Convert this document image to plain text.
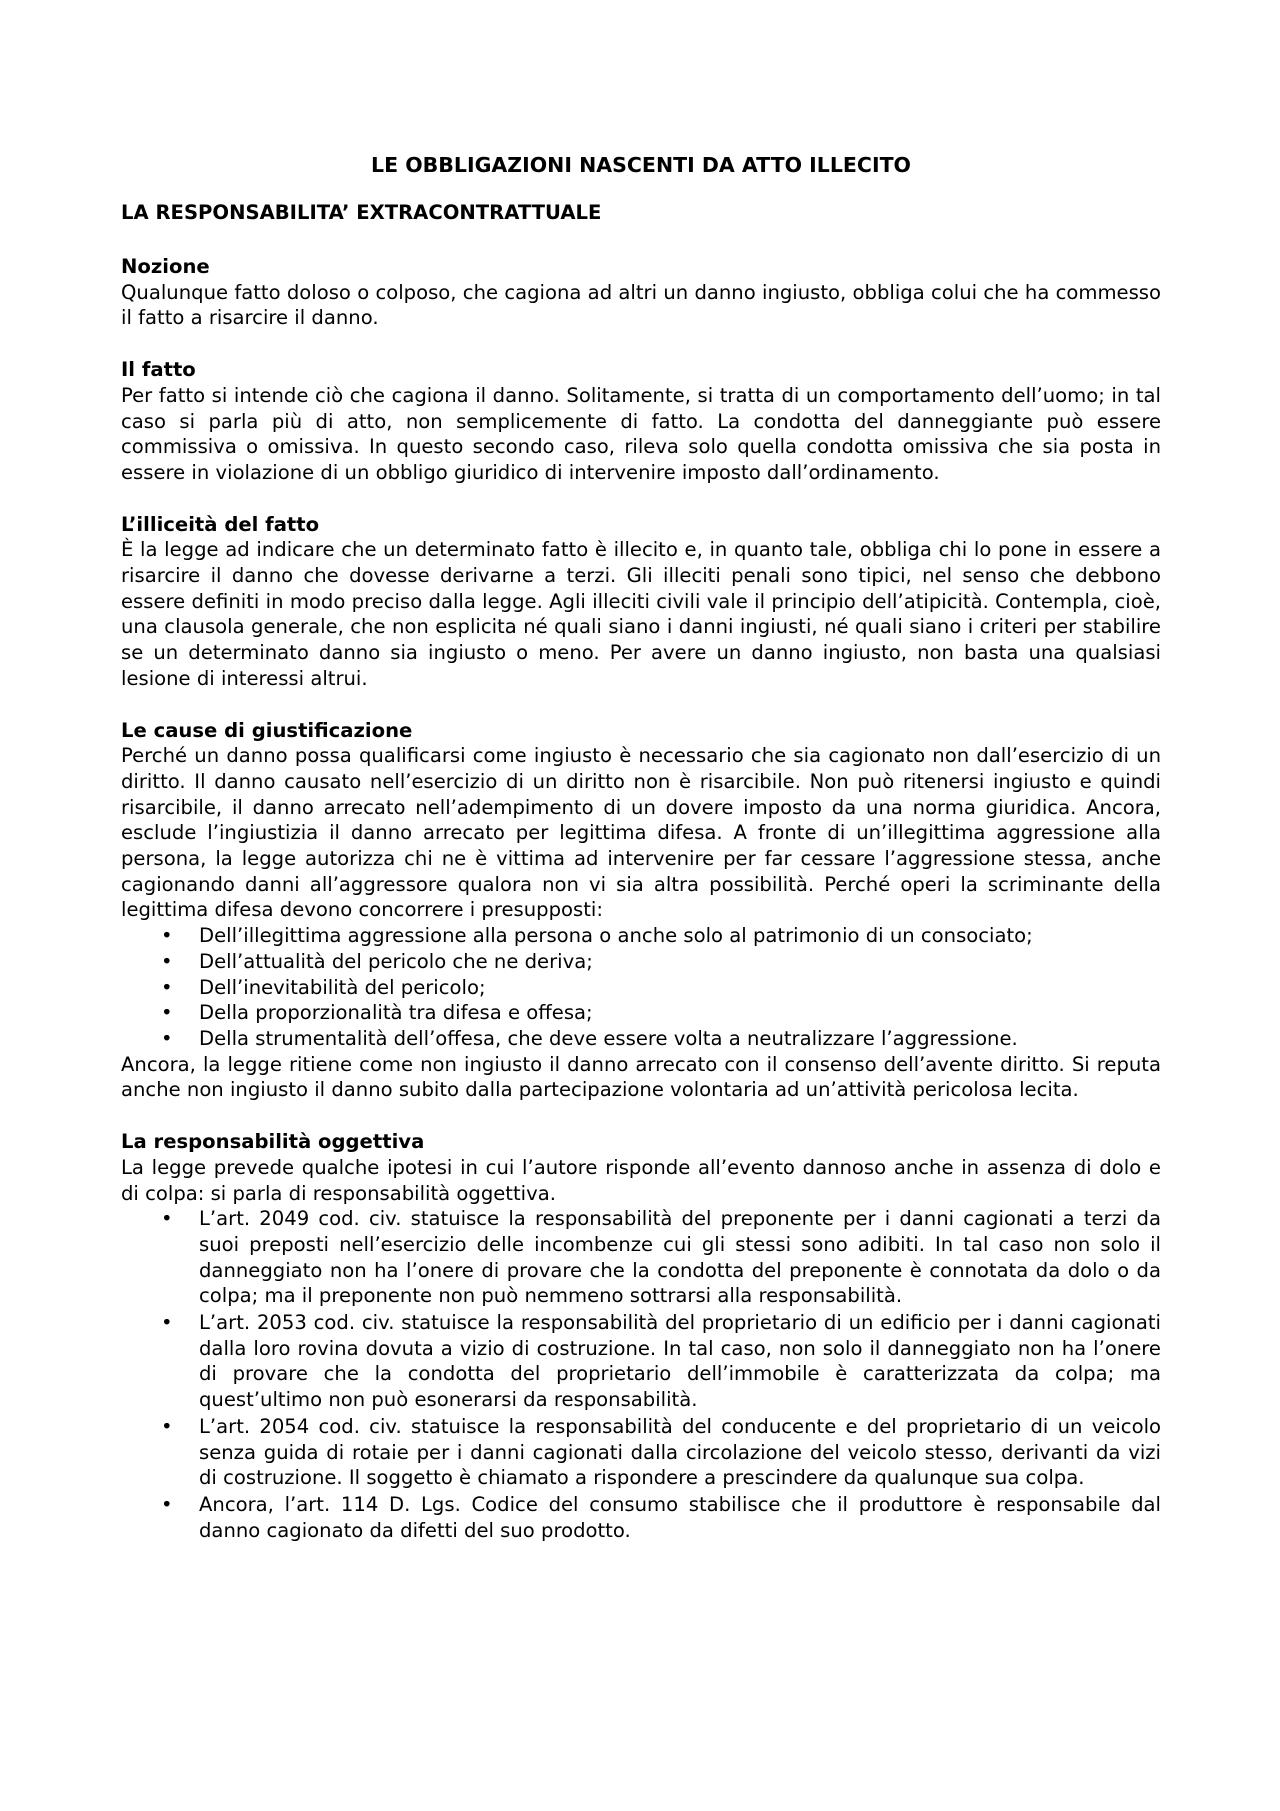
LE OBBLIGAZIONI NASCENTI DA ATTO ILLECITO
LA RESPONSABILITA’ EXTRACONTRATTUALE

Nozione

Qualunque fatto doloso o colposo, che cagiona ad altri un danno ingiusto, obbliga colui che ha commesso il fatto a risarcire il danno.

Il fatto

Per fatto si intende ciò che cagiona il danno. Solitamente, si tratta di un comportamento dell’uomo; in tal caso si parla più di atto, non semplicemente di fatto. La condotta del danneggiante può essere commissiva o omissiva. In questo secondo caso, rileva solo quella condotta omissiva che sia posta in essere in violazione di un obbligo giuridico di intervenire imposto dall’ordinamento.

L’illiceità del fatto

È la legge ad indicare che un determinato fatto è illecito e, in quanto tale, obbliga chi lo pone in essere a risarcire il danno che dovesse derivarne a terzi. Gli illeciti penali sono tipici, nel senso che debbono essere definiti in modo preciso dalla legge. Agli illeciti civili vale il principio dell’atipicità. Contempla, cioè, una clausola generale, che non esplicita né quali siano i danni ingiusti, né quali siano i criteri per stabilire se un determinato danno sia ingiusto o meno. Per avere un danno ingiusto, non basta una qualsiasi lesione di interessi altrui.

Le cause di giustificazione

Perché un danno possa qualificarsi come ingiusto è necessario che sia cagionato non dall’esercizio di un diritto. Il danno causato nell’esercizio di un diritto non è risarcibile. Non può ritenersi ingiusto e quindi risarcibile, il danno arrecato nell’adempimento di un dovere imposto da una norma giuridica. Ancora, esclude l’ingiustizia il danno arrecato per legittima difesa. A fronte di un’illegittima aggressione alla persona, la legge autorizza chi ne è vittima ad intervenire per far cessare l’aggressione stessa, anche cagionando danni all’aggressore qualora non vi sia altra possibilità. Perché operi la scriminante della legittima difesa devono concorrere i presupposti:

• Dell’illegittima aggressione alla persona o anche solo al patrimonio di un consociato;
• Dell’attualità del pericolo che ne deriva;
• Dell’inevitabilità del pericolo;
• Della proporzionalità tra difesa e offesa;
• Della strumentalità dell’offesa, che deve essere volta a neutralizzare l’aggressione.

Ancora, la legge ritiene come non ingiusto il danno arrecato con il consenso dell’avente diritto. Si reputa anche non ingiusto il danno subito dalla partecipazione volontaria ad un’attività pericolosa lecita.

La responsabilità oggettiva

La legge prevede qualche ipotesi in cui l’autore risponde all’evento dannoso anche in assenza di dolo e di colpa: si parla di responsabilità oggettiva.

• L’art. 2049 cod. civ. statuisce la responsabilità del preponente per i danni cagionati a terzi da suoi preposti nell’esercizio delle incombenze cui gli stessi sono adibiti. In tal caso non solo il danneggiato non ha l’onere di provare che la condotta del preponente è connotata da dolo o da colpa; ma il preponente non può nemmeno sottrarsi alla responsabilità.
• L’art. 2053 cod. civ. statuisce la responsabilità del proprietario di un edificio per i danni cagionati dalla loro rovina dovuta a vizio di costruzione. In tal caso, non solo il danneggiato non ha l’onere di provare che la condotta del proprietario dell’immobile è caratterizzata da colpa; ma quest’ultimo non può esonerarsi da responsabilità.
• L’art. 2054 cod. civ. statuisce la responsabilità del conducente e del proprietario di un veicolo senza guida di rotaie per i danni cagionati dalla circolazione del veicolo stesso, derivanti da vizi di costruzione. Il soggetto è chiamato a rispondere a prescindere da qualunque sua colpa.
• Ancora, l’art. 114 D. Lgs. Codice del consumo stabilisce che il produttore è responsabile dal danno cagionato da difetti del suo prodotto.
